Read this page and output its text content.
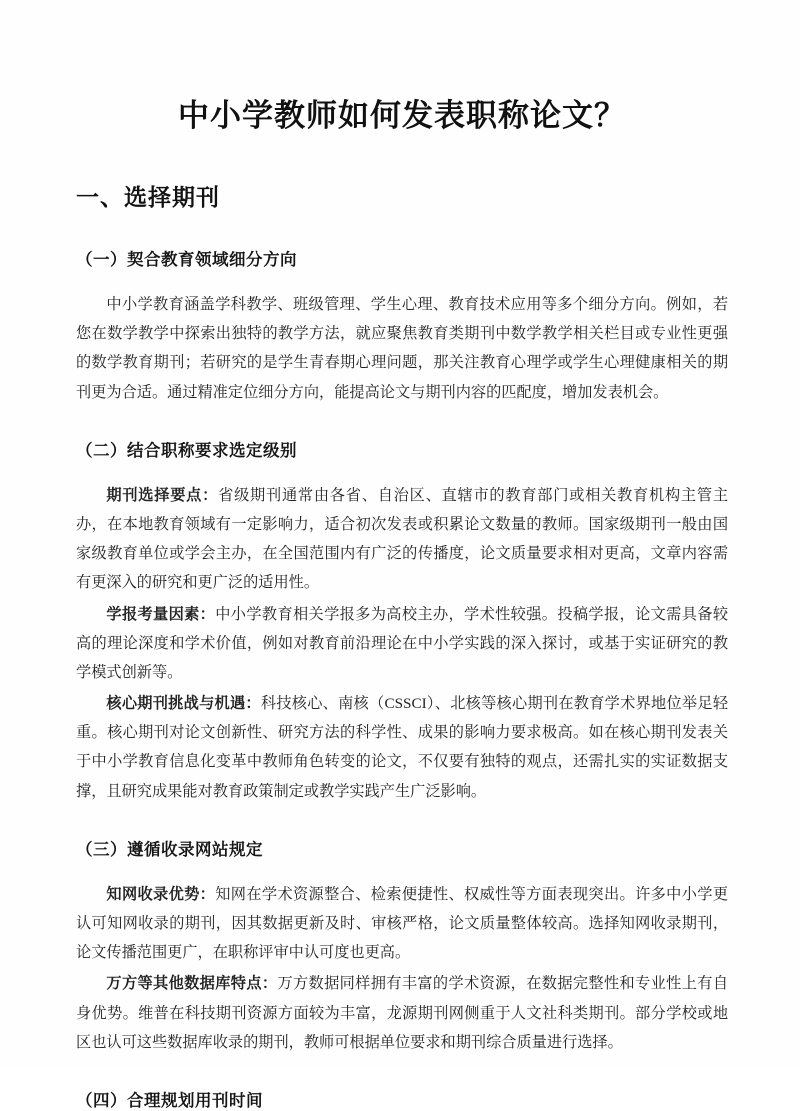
中小学教师如何发表职称论文？
一、选择期刊
（一）契合教育领域细分方向

中小学教育涵盖学科教学、班级管理、学生心理、教育技术应用等多个细分方向。例如，若您在数学教学中探索出独特的教学方法，就应聚焦教育类期刊中数学教学相关栏目或专业性更强的数学教育期刊；若研究的是学生青春期心理问题，那关注教育心理学或学生心理健康相关的期刊更为合适。通过精准定位细分方向，能提高论文与期刊内容的匹配度，增加发表机会。

（二）结合职称要求选定级别

期刊选择要点：省级期刊通常由各省、自治区、直辖市的教育部门或相关教育机构主管主办，在本地教育领域有一定影响力，适合初次发表或积累论文数量的教师。国家级期刊一般由国家级教育单位或学会主办，在全国范围内有广泛的传播度，论文质量要求相对更高，文章内容需有更深入的研究和更广泛的适用性。

学报考量因素：中小学教育相关学报多为高校主办，学术性较强。投稿学报，论文需具备较高的理论深度和学术价值，例如对教育前沿理论在中小学实践的深入探讨，或基于实证研究的教学模式创新等。

核心期刊挑战与机遇：科技核心、南核（CSSCI）、北核等核心期刊在教育学术界地位举足轻重。核心期刊对论文创新性、研究方法的科学性、成果的影响力要求极高。如在核心期刊发表关于中小学教育信息化变革中教师角色转变的论文，不仅要有独特的观点，还需扎实的实证数据支撑，且研究成果能对教育政策制定或教学实践产生广泛影响。

（三）遵循收录网站规定

知网收录优势：知网在学术资源整合、检索便捷性、权威性等方面表现突出。许多中小学更认可知网收录的期刊，因其数据更新及时、审核严格，论文质量整体较高。选择知网收录期刊，论文传播范围更广，在职称评审中认可度也更高。

万方等其他数据库特点：万方数据同样拥有丰富的学术资源，在数据完整性和专业性上有自身优势。维普在科技期刊资源方面较为丰富，龙源期刊网侧重于人文社科类期刊。部分学校或地区也认可这些数据库收录的期刊，教师可根据单位要求和期刊综合质量进行选择。

（四）合理规划用刊时间
